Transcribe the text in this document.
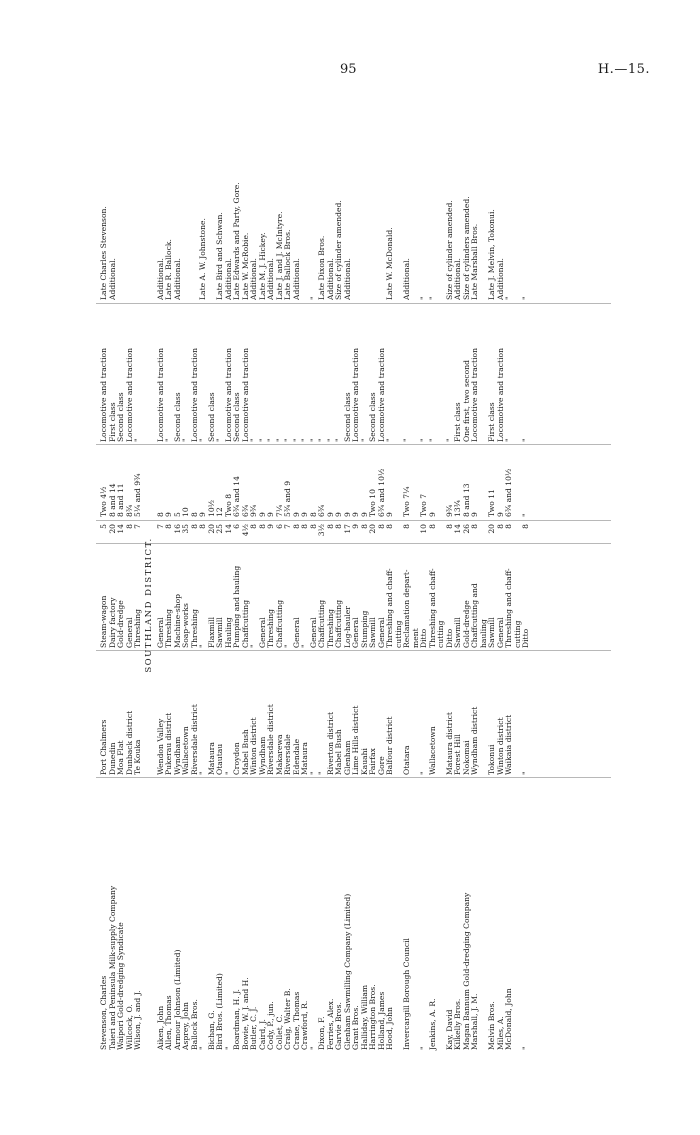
95	H.—15.
Stevenson, Charles
Port Chalmers
Steam-wagon
5
Two 4½
Locomotive and traction
Late Charles Stevenson.
Taieri and Peninsula Milk-supply Company
Dunedin
Dairy factory
20
8 and 14
First class
Additional.
Waipori Gold-dredging Syndicate
Moa Flat
Gold-dredge
14
8 and 11
Second class
Willcock, O.
Dunback district
General
8
8¾
Locomotive and traction
Wilson, J. and J.
Te Kouka
Threshing
7
5¼ and 9¾
"
SOUTHLAND DISTRICT.
Aiken, John
Wendon Valley
General
7
8
Locomotive and traction
Additional.
Allen, Thomas
Pukerau district
Threshing
8
9
"
Late R. Ballock.
Armour Johnson (Limited)
Wyndham
Machine-shop
16
5
Second class
Additional.
Asprey, John
Wallacetown
Soap-works
35
10
"
Ballock Bros.
Riversdale district
Threshing
8
8
Locomotive and traction
"
"
"
8
9
"
Late A. W. Johnstone.
Bichan, G.
Mataura
Flaxmill
20
10½
Second class
Bird Bros. (Limited)
Otautau
Sawmill
25
12
"
Late Bird and Schwan.
"
"
Hauling
14
Two 8
Locomotive and traction
Additional.
Boardman, H. J.
Croydon
Pumping and hauling
6
6¾ and 14
Second class
Late Edwards and Party, Gore.
Bowie, W. J. and H.
Mabel Bush
Chaffcutting
4½
6¾
Locomotive and traction
Late W. McRobie.
Butler, C. J.
Winton district
"
8
9¾
"
Additional.
Caird, J.
Wyndham
General
8
9
"
Late M. J. Hickey.
Cody, P., jun.
Riversdale district
Threshing
9
9
"
Additional.
Collet, C.
Makarewa
Chaffcutting
6
7¼
"
Late J. and J. McIntyre.
Craig, Walter B.
Riversdale
"
7
5¾ and 9
"
Late Ballock Bros.
Crane, Thomas
Edendale
General
8
9
"
Additional.
Crawford, R.
Mataura
"
8
9
"
"
"
General
8
8
"
"
Dixon, F.
"
Chaffcutting
3½
6¾
"
Late Dixon Bros.
Ferries, Alex.
Riverton district
Threshing
8
9
"
Additional.
Garvie Bros.
Mabel Bush
Chaffcutting
8
9
"
Size of cylinder amended.
Glenham Sawmilling Company (Limited)
Glenham
Log-hauler
17
9
Second class
Additional.
Grant Bros.
Lime Hills district
General
9
9
Locomotive and traction
Halliday, William
Kauahi
Stumping
8
9
"
Harrington Bros.
Fairfax
Sawmill
20
Two 10
Second class
Holland, James
Gore
General
8
6¾ and 10½
Locomotive and traction
Hood, John
Balfour district
Threshing and chaff-
8
9
"
Late W. McDonald.
cutting
Invercargill Borough Council
Otatara
Reclamation depart-
8
Two 7¼
"
Additional.
ment
"
"
Ditto
10
Two 7
"
"
Jenkins, A. R.
Wallacetown
Threshing and chaff-
8
9
"
"
cutting
Kay, David
Mataura district
Ditto
8
9¾
"
Size of cylinder amended.
Kilkelly Bros.
Forest Hill
Sawmill
14
13¾
First class
Additional.
Magan Bannum Gold-dredging Company
Nokomai
Gold-dredge
26
8 and 13
One first, two second
Size of cylinders amended.
Marshall, J. M.
Wyndham district
Chaffcutting and
8
9
Locomotive and traction
Late Marshall Bros.
hauling
Melvin Bros.
Tokonui
Sawmill
20
Two 11
First class
Late J. Melvin, Tokonui.
Miles, A.
Winton district
General
8
9
Locomotive and traction
Additional.
McDonald, John
Waikaia district
Threshing and chaff-
8
6¾ and 10½
"
"
cutting
"
"
Ditto
8
"
"
"
